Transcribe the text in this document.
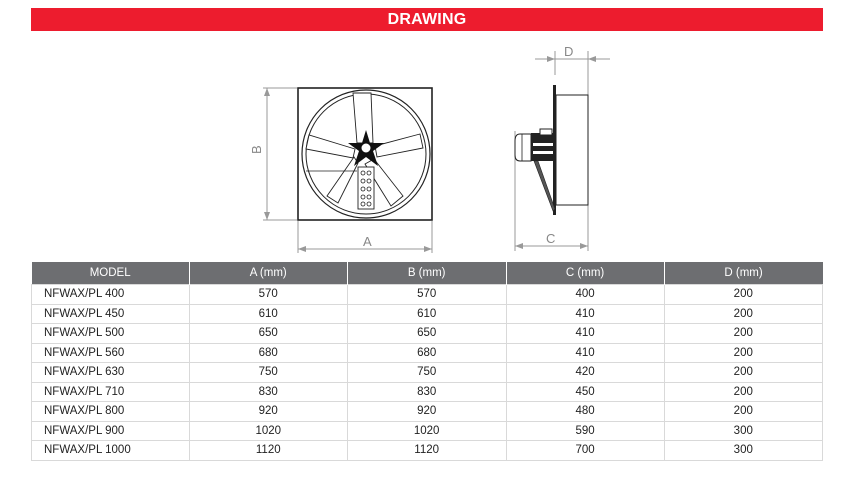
DRAWING
B
A
D
C
MODEL	A (mm)	B (mm)	C (mm)	D (mm)
NFWAX/PL 400	570	570	400	200
NFWAX/PL 450	610	610	410	200
NFWAX/PL 500	650	650	410	200
NFWAX/PL 560	680	680	410	200
NFWAX/PL 630	750	750	420	200
NFWAX/PL 710	830	830	450	200
NFWAX/PL 800	920	920	480	200
NFWAX/PL 900	1020	1020	590	300
NFWAX/PL 1000	1120	1120	700	300
